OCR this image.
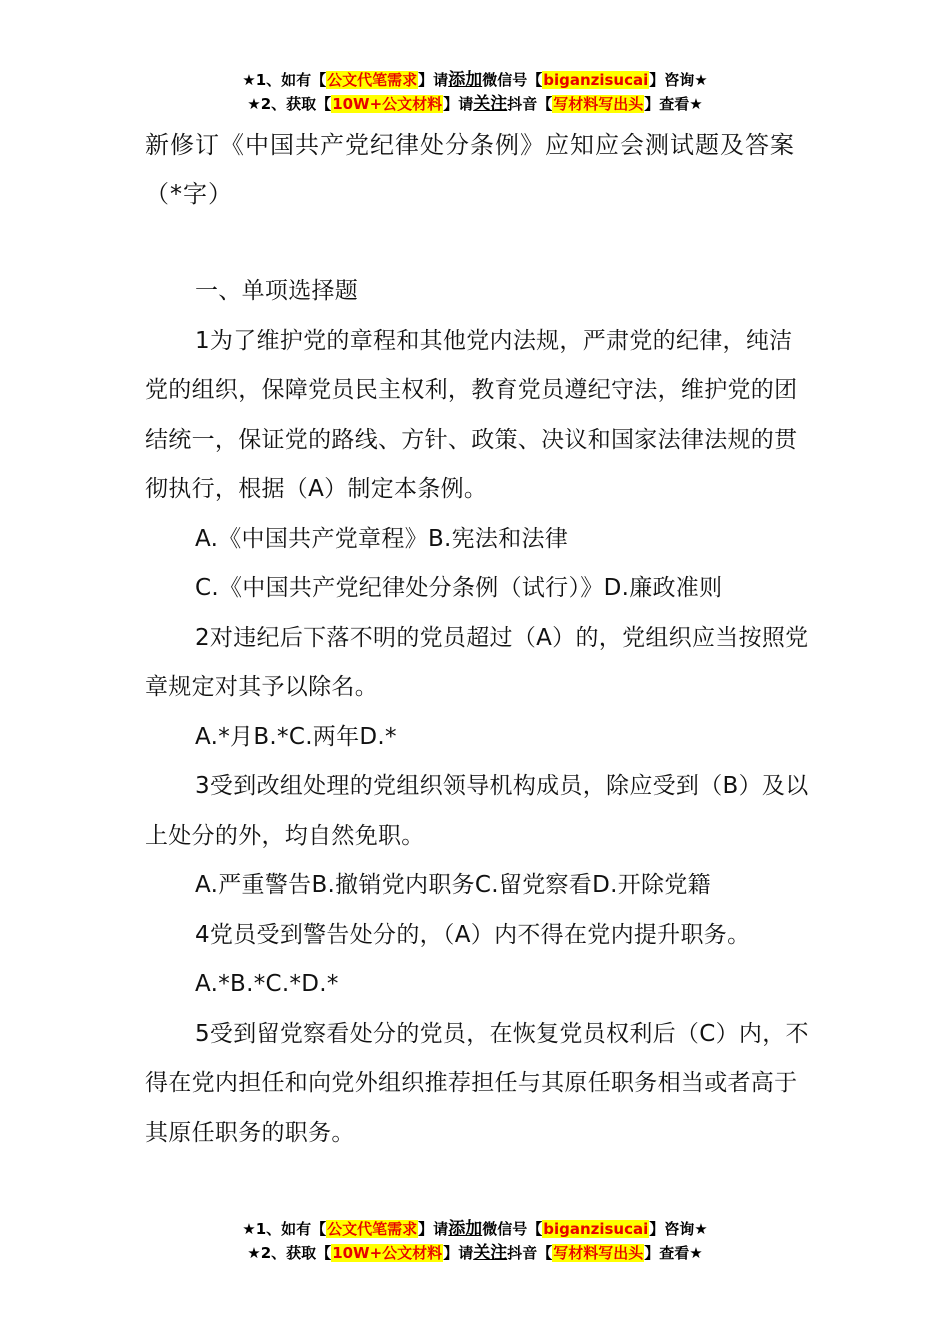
★1、如有【公文代笔需求】请添加微信号【biganzisucai】咨询★
★2、获取【10W+公文材料】请关注抖音【写材料写出头】查看★

新修订《中国共产党纪律处分条例》应知应会测试题及答案（*字）

一、单项选择题

1为了维护党的章程和其他党内法规，严肃党的纪律，纯洁党的组织，保障党员民主权利，教育党员遵纪守法，维护党的团结统一，保证党的路线、方针、政策、决议和国家法律法规的贯彻执行，根据（A）制定本条例。

A.《中国共产党章程》B.宪法和法律

C.《中国共产党纪律处分条例（试行）》D.廉政准则

2对违纪后下落不明的党员超过（A）的，党组织应当按照党章规定对其予以除名。

A.*月B.*C.两年D.*

3受到改组处理的党组织领导机构成员，除应受到（B）及以上处分的外，均自然免职。

A.严重警告B.撤销党内职务C.留党察看D.开除党籍

4党员受到警告处分的，（A）内不得在党内提升职务。

A.*B.*C.*D.*

5受到留党察看处分的党员，在恢复党员权利后（C）内，不得在党内担任和向党外组织推荐担任与其原任职务相当或者高于其原任职务的职务。

★1、如有【公文代笔需求】请添加微信号【biganzisucai】咨询★
★2、获取【10W+公文材料】请关注抖音【写材料写出头】查看★
